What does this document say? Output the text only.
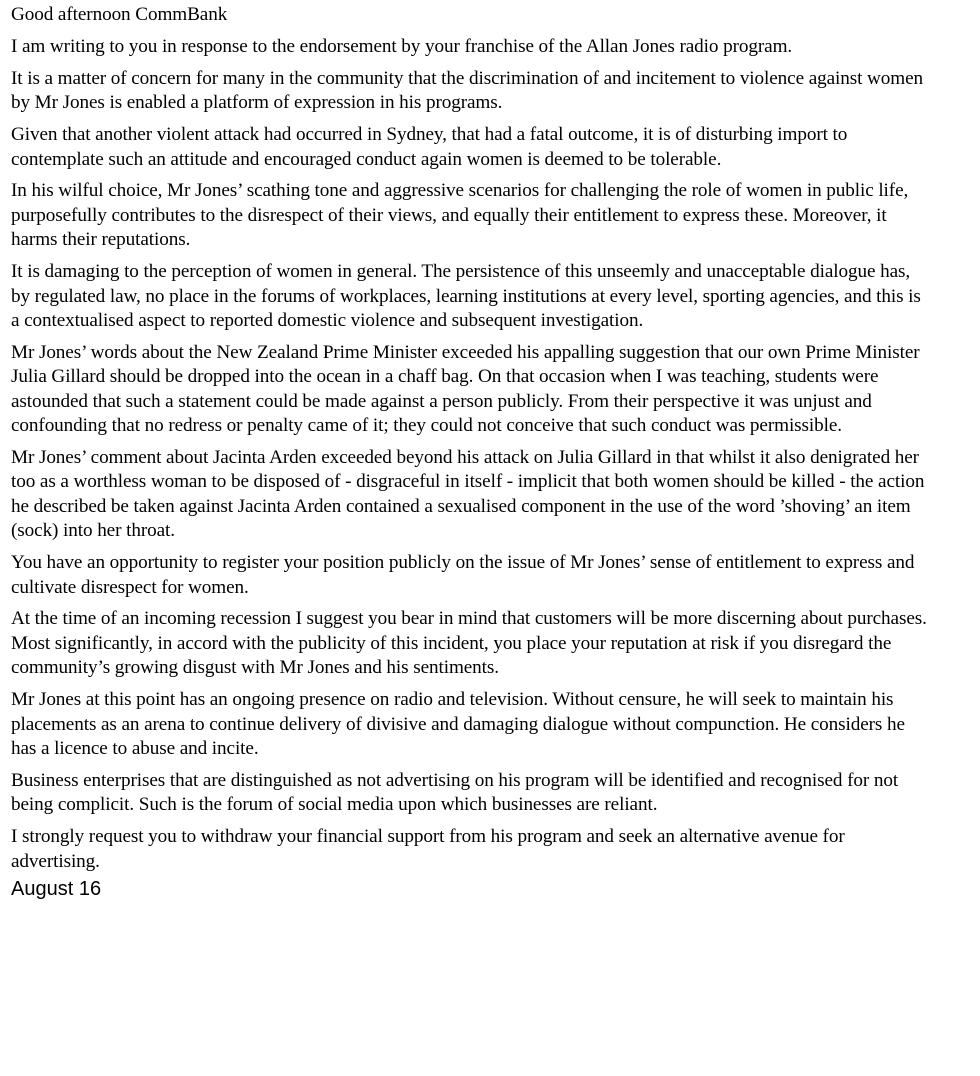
Good afternoon CommBank

I am writing to you in response to the endorsement by your franchise of the Allan Jones radio program.

It is a matter of concern for many in the community that the discrimination of and incitement to violence against women by Mr Jones is enabled a platform of expression in his programs.

Given that another violent attack had occurred in Sydney, that had a fatal outcome, it is of disturbing import to contemplate such an attitude and encouraged conduct again women is deemed to be tolerable.

In his wilful choice, Mr Jones’ scathing tone and aggressive scenarios for challenging the role of women in public life, purposefully contributes to the disrespect of their views, and equally their entitlement to express these. Moreover, it harms their reputations.

It is damaging to the perception of women in general. The persistence of this unseemly and unacceptable dialogue has, by regulated law, no place in the forums of workplaces, learning institutions at every level, sporting agencies, and this is a contextualised aspect to reported domestic violence and subsequent investigation.

Mr Jones’ words about the New Zealand Prime Minister exceeded his appalling suggestion that our own Prime Minister Julia Gillard should be dropped into the ocean in a chaff bag. On that occasion when I was teaching, students were astounded that such a statement could be made against a person publicly. From their perspective it was unjust and confounding that no redress or penalty came of it; they could not conceive that such conduct was permissible.

Mr Jones’ comment about Jacinta Arden exceeded beyond his attack on Julia Gillard in that whilst it also denigrated her too as a worthless woman to be disposed of - disgraceful in itself - implicit that both women should be killed - the action he described be taken against Jacinta Arden contained a sexualised component in the use of the word ’shoving’ an item (sock) into her throat.

You have an opportunity to register your position publicly on the issue of Mr Jones’ sense of entitlement to express and cultivate disrespect for women.

At the time of an incoming recession I suggest you bear in mind that customers will be more discerning about purchases. Most significantly, in accord with the publicity of this incident, you place your reputation at risk if you disregard the community’s growing disgust with Mr Jones and his sentiments.

Mr Jones at this point has an ongoing presence on radio and television. Without censure, he will seek to maintain his placements as an arena to continue delivery of divisive and damaging dialogue without compunction. He considers he has a licence to abuse and incite.

Business enterprises that are distinguished as not advertising on his program will be identified and recognised for not being complicit. Such is the forum of social media upon which businesses are reliant.

I strongly request you to withdraw your financial support from his program and seek an alternative avenue for advertising.

August 16
